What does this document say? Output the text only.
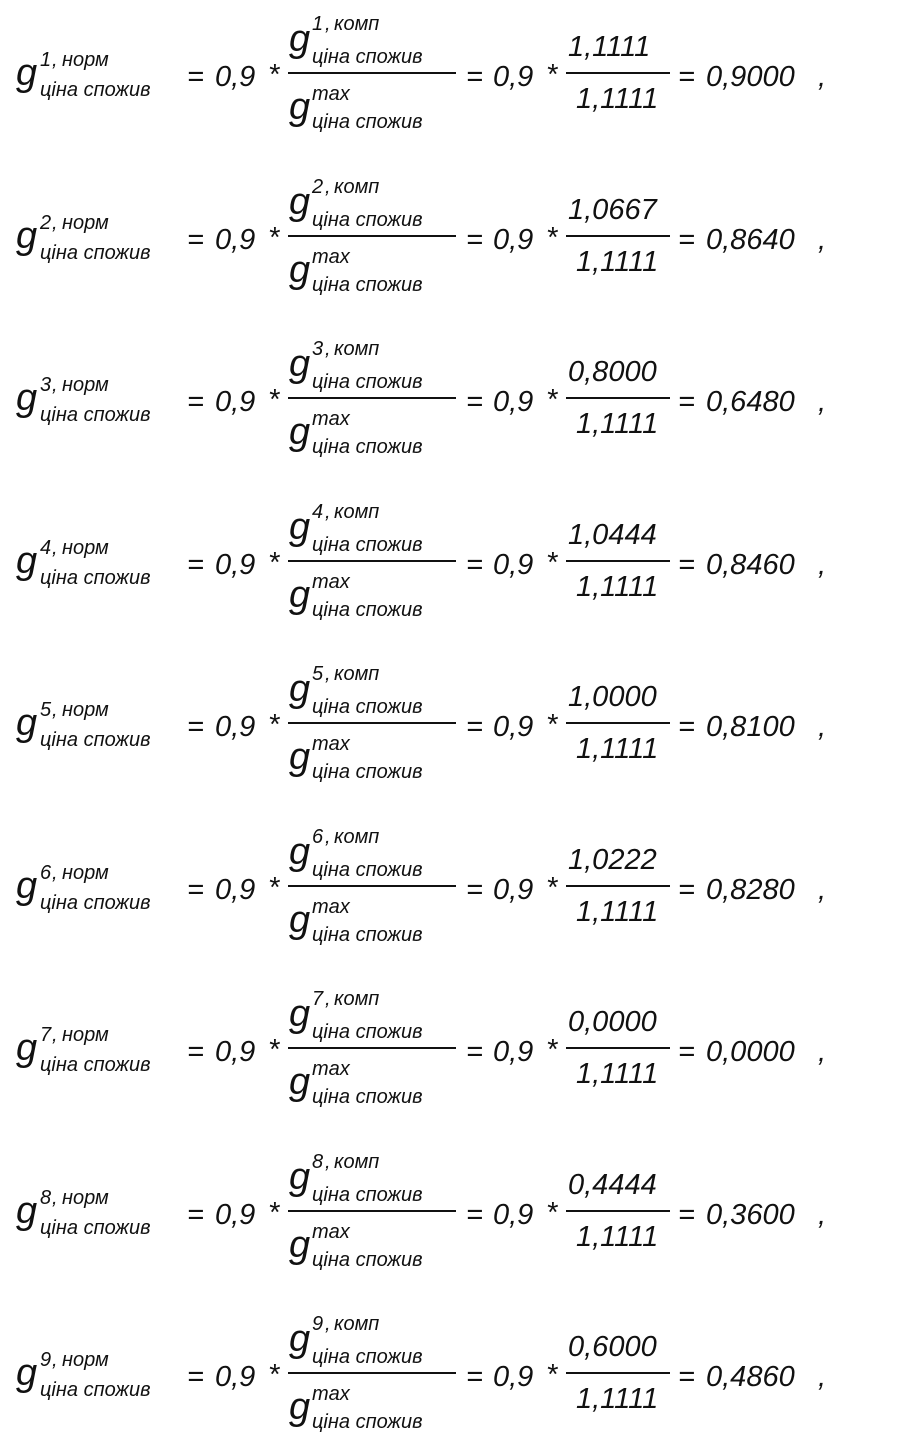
g 1 , норм
ціна спожив = 0,9 *
g 1 , комп
ціна спожив
g max
ціна спожив
= 0,9 *
1,1111
1,1111
= 0,9000 ,
g 2 , норм
ціна спожив = 0,9 *
g 2 , комп
ціна спожив
g max
ціна спожив
= 0,9 *
1,0667
1,1111
= 0,8640 ,
g 3 , норм
ціна спожив = 0,9 *
g 3 , комп
ціна спожив
g max
ціна спожив
= 0,9 *
0,8000
1,1111
= 0,6480 ,
g 4 , норм
ціна спожив = 0,9 *
g 4 , комп
ціна спожив
g max
ціна спожив
= 0,9 *
1,0444
1,1111
= 0,8460 ,
g 5 , норм
ціна спожив = 0,9 *
g 5 , комп
ціна спожив
g max
ціна спожив
= 0,9 *
1,0000
1,1111
= 0,8100 ,
g 6 , норм
ціна спожив = 0,9 *
g 6 , комп
ціна спожив
g max
ціна спожив
= 0,9 *
1,0222
1,1111
= 0,8280 ,
g 7 , норм
ціна спожив = 0,9 *
g 7 , комп
ціна спожив
g max
ціна спожив
= 0,9 *
0,0000
1,1111
= 0,0000 ,
g 8 , норм
ціна спожив = 0,9 *
g 8 , комп
ціна спожив
g max
ціна спожив
= 0,9 *
0,4444
1,1111
= 0,3600 ,
g 9 , норм
ціна спожив = 0,9 *
g 9 , комп
ціна спожив
g max
ціна спожив
= 0,9 *
0,6000
1,1111
= 0,4860 ,
